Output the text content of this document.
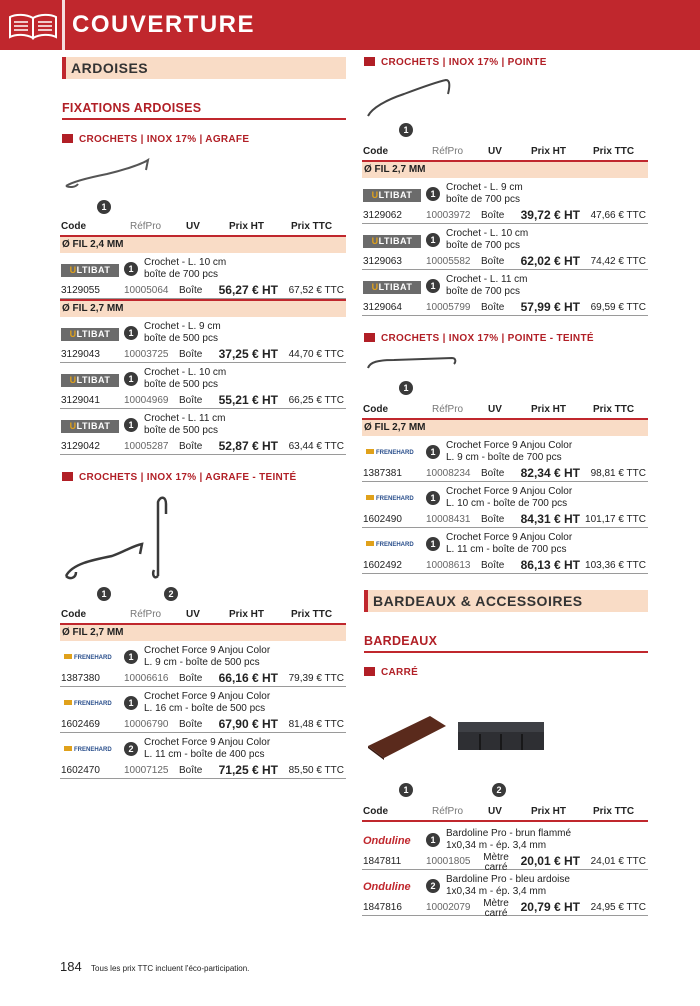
COUVERTURE
ARDOISES
FIXATIONS ARDOISES
CROCHETS | INOX 17% | AGRAFE
1
Code	RéfPro UV	Prix HT	Prix TTC
Ø FIL 2,4 MM
ULTIBAT	1
Crochet - L. 10 cm
boîte de 700 pcs
3129055 10005064 Boîte	56,27 € HT	67,52 € TTC
Ø FIL 2,7 MM
ULTIBAT	1
Crochet - L. 9 cm
boîte de 500 pcs
3129043 10003725 Boîte	37,25 € HT	44,70 € TTC
ULTIBAT	1
Crochet - L. 10 cm
boîte de 500 pcs
3129041 10004969 Boîte	55,21 € HT	66,25 € TTC
ULTIBAT	1
Crochet - L. 11 cm
boîte de 500 pcs
3129042 10005287 Boîte	52,87 € HT	63,44 € TTC
CROCHETS | INOX 17% | AGRAFE - TEINTÉ
1	2
Code	RéfPro UV	Prix HT	Prix TTC
Ø FIL 2,7 MM
FRENEHARD	1
Crochet Force 9 Anjou Color
L. 9 cm - boîte de 500 pcs
1387380 10006616 Boîte	66,16 € HT	79,39 € TTC
FRENEHARD	1
Crochet Force 9 Anjou Color
L. 16 cm - boîte de 500 pcs
1602469 10006790 Boîte	67,90 € HT	81,48 € TTC
FRENEHARD	2
Crochet Force 9 Anjou Color
L. 11 cm - boîte de 400 pcs
1602470 10007125 Boîte	71,25 € HT	85,50 € TTC
CROCHETS | INOX 17% | POINTE
1
Code	RéfPro UV	Prix HT	Prix TTC
Ø FIL 2,7 MM
ULTIBAT	1
Crochet - L. 9 cm
boîte de 700 pcs
3129062 10003972 Boîte	39,72 € HT	47,66 € TTC
ULTIBAT	1
Crochet - L. 10 cm
boîte de 700 pcs
3129063 10005582 Boîte	62,02 € HT	74,42 € TTC
ULTIBAT	1
Crochet - L. 11 cm
boîte de 700 pcs
3129064 10005799 Boîte	57,99 € HT	69,59 € TTC
CROCHETS | INOX 17% | POINTE - TEINTÉ
1
Code	RéfPro UV	Prix HT	Prix TTC
Ø FIL 2,7 MM
FRENEHARD	1
Crochet Force 9 Anjou Color
L. 9 cm - boîte de 700 pcs
1387381 10008234 Boîte	82,34 € HT	98,81 € TTC
FRENEHARD	1
Crochet Force 9 Anjou Color
L. 10 cm - boîte de 700 pcs
1602490 10008431 Boîte	84,31 € HT 101,17 € TTC
FRENEHARD	1
Crochet Force 9 Anjou Color
L. 11 cm - boîte de 700 pcs
1602492 10008613 Boîte	86,13 € HT 103,36 € TTC
BARDEAUX & ACCESSOIRES
BARDEAUX
CARRÉ
1	2
Code	RéfPro UV	Prix HT	Prix TTC
Onduline	1
Bardoline Pro - brun flammé
1x0,34 m - ép. 3,4 mm
1847811 10001805 Mètre
carré	20,01 € HT	24,01 € TTC
Onduline	2
Bardoline Pro - bleu ardoise
1x0,34 m - ép. 3,4 mm
1847816 10002079 Mètre
carré	20,79 € HT	24,95 € TTC
184 Tous les prix TTC incluent l'éco-participation.
